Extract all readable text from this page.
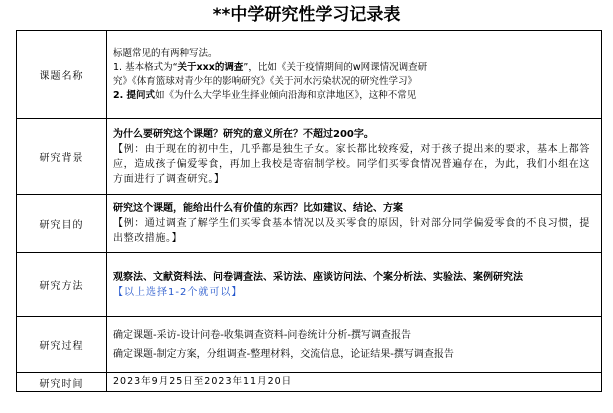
**中学研究性学习记录表
课题名称	标题常见的有两种写法。
1. 基本格式为“关于xxx的调查”，比如《关于疫情期间的w网课情况调查研
究》《体育篮球对青少年的影响研究》《关于河水污染状况的研究性学习》
2. 提问式如《为什么大学毕业生择业倾向沿海和京津地区》，这种不常见

研究背景	为什么要研究这个课题？研究的意义所在？不超过200字。
【例：由于现在的初中生，几乎都是独生子女。家长都比较疼爱，对于孩子提出来的要求，基本上都答应，造成孩子偏爱零食，再加上我校是寄宿制学校。同学们买零食情况普遍存在，为此，我们小组在这方面进行了调查研究。】

研究目的	研究这个课题，能给出什么有价值的东西？比如建议、结论、方案
【例：通过调查了解学生们买零食基本情况以及买零食的原因，针对部分同学偏爱零食的不良习惯，提出整改措施。】

研究方法	观察法、文献资料法、问卷调查法、采访法、座谈访问法、个案分析法、实验法、案例研究法
【以上选择1-2个就可以】

研究过程	确定课题-采访-设计问卷-收集调查资料-问卷统计分析-撰写调查报告
确定课题-制定方案，分组调查-整理材料，交流信息，论证结果-撰写调查报告

研究时间	2023年9月25日至2023年11月20日
